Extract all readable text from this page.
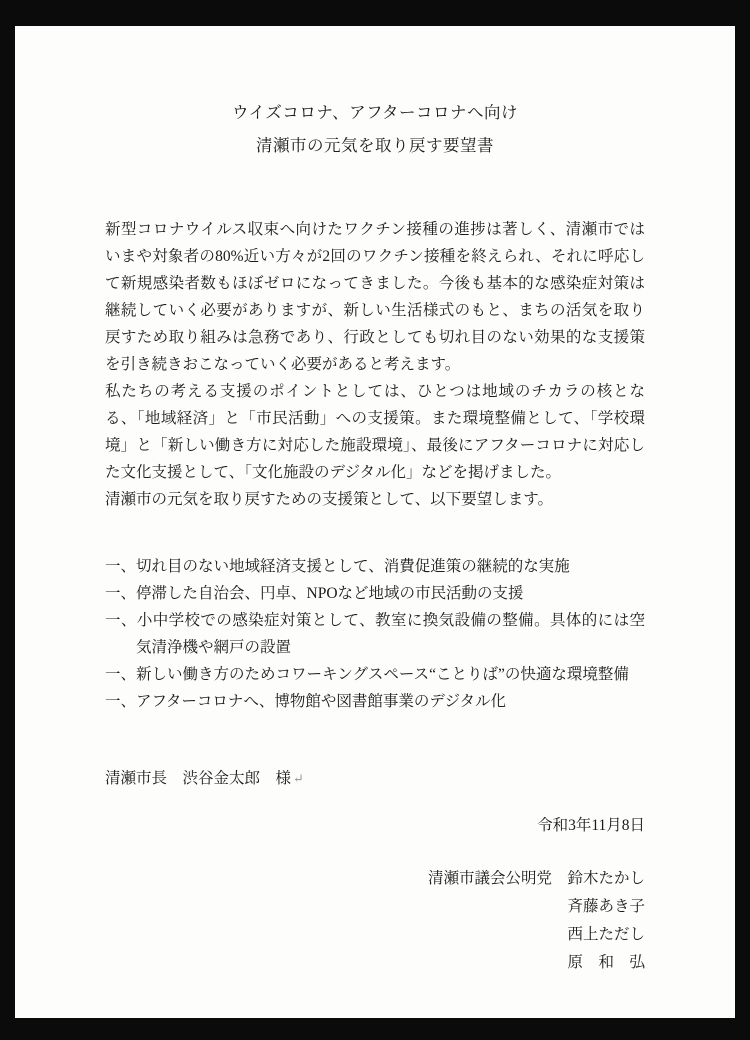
ウイズコロナ、アフターコロナへ向け
清瀬市の元気を取り戻す要望書

新型コロナウイルス収束へ向けたワクチン接種の進捗は著しく、清瀬市ではいまや対象者の80%近い方々が2回のワクチン接種を終えられ、それに呼応して新規感染者数もほぼゼロになってきました。今後も基本的な感染症対策は継続していく必要がありますが、新しい生活様式のもと、まちの活気を取り戻すため取り組みは急務であり、行政としても切れ目のない効果的な支援策を引き続きおこなっていく必要があると考えます。

私たちの考える支援のポイントとしては、ひとつは地域のチカラの核となる、「地域経済」と「市民活動」への支援策。また環境整備として、「学校環境」と「新しい働き方に対応した施設環境」、最後にアフターコロナに対応した文化支援として、「文化施設のデジタル化」などを掲げました。

清瀬市の元気を取り戻すための支援策として、以下要望します。

一、切れ目のない地域経済支援として、消費促進策の継続的な実施
一、停滞した自治会、円卓、NPOなど地域の市民活動の支援
一、小中学校での感染症対策として、教室に換気設備の整備。具体的には空気清浄機や網戸の設置
一、新しい働き方のためコワーキングスペース“ことりば”の快適な環境整備
一、アフターコロナへ、博物館や図書館事業のデジタル化
清瀬市長　渋谷金太郎　様 ↵
令和3年11月8日
清瀬市議会公明党 鈴木たかし
斉藤あき子
西上ただし
原　和　弘
